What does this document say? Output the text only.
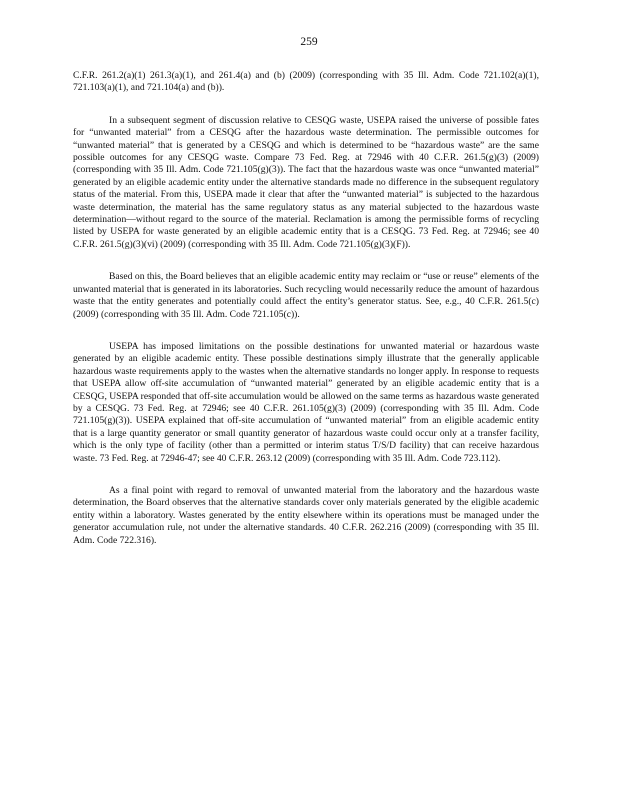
259

C.F.R. 261.2(a)(1) 261.3(a)(1), and 261.4(a) and (b) (2009) (corresponding with 35 Ill. Adm. Code 721.102(a)(1), 721.103(a)(1), and 721.104(a) and (b)).

In a subsequent segment of discussion relative to CESQG waste, USEPA raised the universe of possible fates for “unwanted material” from a CESQG after the hazardous waste determination. The permissible outcomes for “unwanted material” that is generated by a CESQG and which is determined to be “hazardous waste” are the same possible outcomes for any CESQG waste. Compare 73 Fed. Reg. at 72946 with 40 C.F.R. 261.5(g)(3) (2009) (corresponding with 35 Ill. Adm. Code 721.105(g)(3)). The fact that the hazardous waste was once “unwanted material” generated by an eligible academic entity under the alternative standards made no difference in the subsequent regulatory status of the material. From this, USEPA made it clear that after the “unwanted material” is subjected to the hazardous waste determination, the material has the same regulatory status as any material subjected to the hazardous waste determination—without regard to the source of the material. Reclamation is among the permissible forms of recycling listed by USEPA for waste generated by an eligible academic entity that is a CESQG. 73 Fed. Reg. at 72946; see 40 C.F.R. 261.5(g)(3)(vi) (2009) (corresponding with 35 Ill. Adm. Code 721.105(g)(3)(F)).

Based on this, the Board believes that an eligible academic entity may reclaim or “use or reuse” elements of the unwanted material that is generated in its laboratories. Such recycling would necessarily reduce the amount of hazardous waste that the entity generates and potentially could affect the entity’s generator status. See, e.g., 40 C.F.R. 261.5(c) (2009) (corresponding with 35 Ill. Adm. Code 721.105(c)).

USEPA has imposed limitations on the possible destinations for unwanted material or hazardous waste generated by an eligible academic entity. These possible destinations simply illustrate that the generally applicable hazardous waste requirements apply to the wastes when the alternative standards no longer apply. In response to requests that USEPA allow off-site accumulation of “unwanted material” generated by an eligible academic entity that is a CESQG, USEPA responded that off-site accumulation would be allowed on the same terms as hazardous waste generated by a CESQG. 73 Fed. Reg. at 72946; see 40 C.F.R. 261.105(g)(3) (2009) (corresponding with 35 Ill. Adm. Code 721.105(g)(3)). USEPA explained that off-site accumulation of “unwanted material” from an eligible academic entity that is a large quantity generator or small quantity generator of hazardous waste could occur only at a transfer facility, which is the only type of facility (other than a permitted or interim status T/S/D facility) that can receive hazardous waste. 73 Fed. Reg. at 72946-47; see 40 C.F.R. 263.12 (2009) (corresponding with 35 Ill. Adm. Code 723.112).

As a final point with regard to removal of unwanted material from the laboratory and the hazardous waste determination, the Board observes that the alternative standards cover only materials generated by the eligible academic entity within a laboratory. Wastes generated by the entity elsewhere within its operations must be managed under the generator accumulation rule, not under the alternative standards. 40 C.F.R. 262.216 (2009) (corresponding with 35 Ill. Adm. Code 722.316).
